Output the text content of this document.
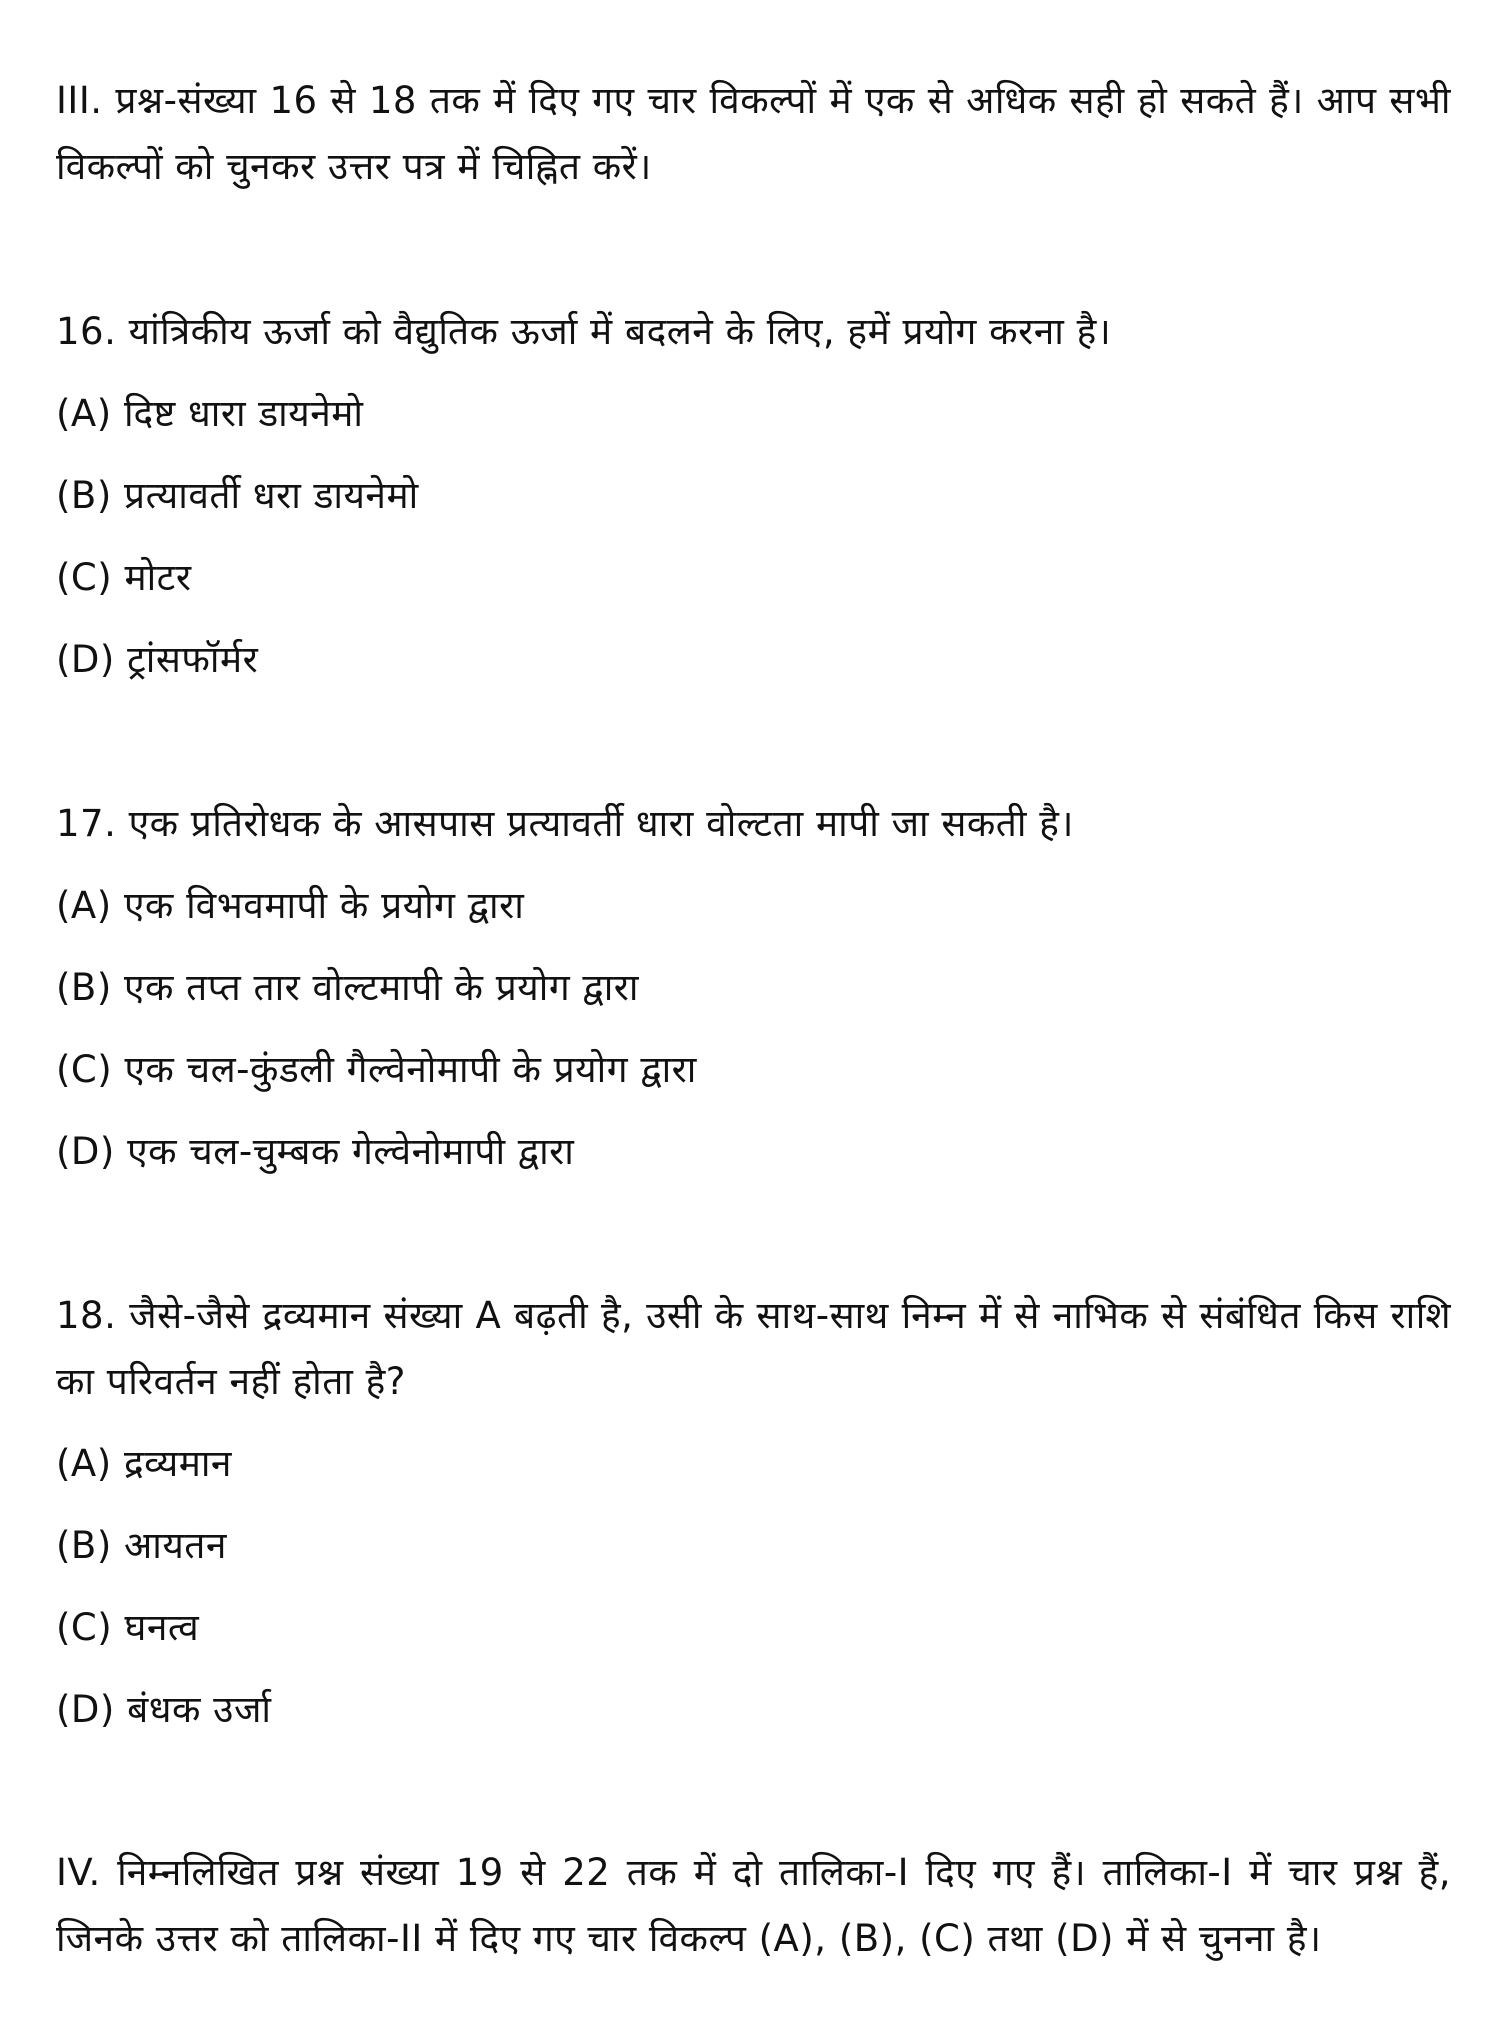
III. प्रश्न-संख्या 16 से 18 तक में दिए गए चार विकल्पों में एक से अधिक सही हो सकते हैं। आप सभी विकल्पों को चुनकर उत्तर पत्र में चिह्नित करें।
16. यांत्रिकीय ऊर्जा को वैद्युतिक ऊर्जा में बदलने के लिए, हमें प्रयोग करना है।
(A) दिष्ट धारा डायनेमो
(B) प्रत्यावर्ती धरा डायनेमो
(C) मोटर
(D) ट्रांसफॉर्मर
17. एक प्रतिरोधक के आसपास प्रत्यावर्ती धारा वोल्टता मापी जा सकती है।
(A) एक विभवमापी के प्रयोग द्वारा
(B) एक तप्त तार वोल्टमापी के प्रयोग द्वारा
(C) एक चल-कुंडली गैल्वेनोमापी के प्रयोग द्वारा
(D) एक चल-चुम्बक गेल्वेनोमापी द्वारा
18. जैसे-जैसे द्रव्यमान संख्या A बढ़ती है, उसी के साथ-साथ निम्न में से नाभिक से संबंधित किस राशि का परिवर्तन नहीं होता है?
(A) द्रव्यमान
(B) आयतन
(C) घनत्व
(D) बंधक उर्जा
IV. निम्नलिखित प्रश्न संख्या 19 से 22 तक में दो तालिका-I दिए गए हैं। तालिका-I में चार प्रश्न हैं, जिनके उत्तर को तालिका-II में दिए गए चार विकल्प (A), (B), (C) तथा (D) में से चुनना है।
